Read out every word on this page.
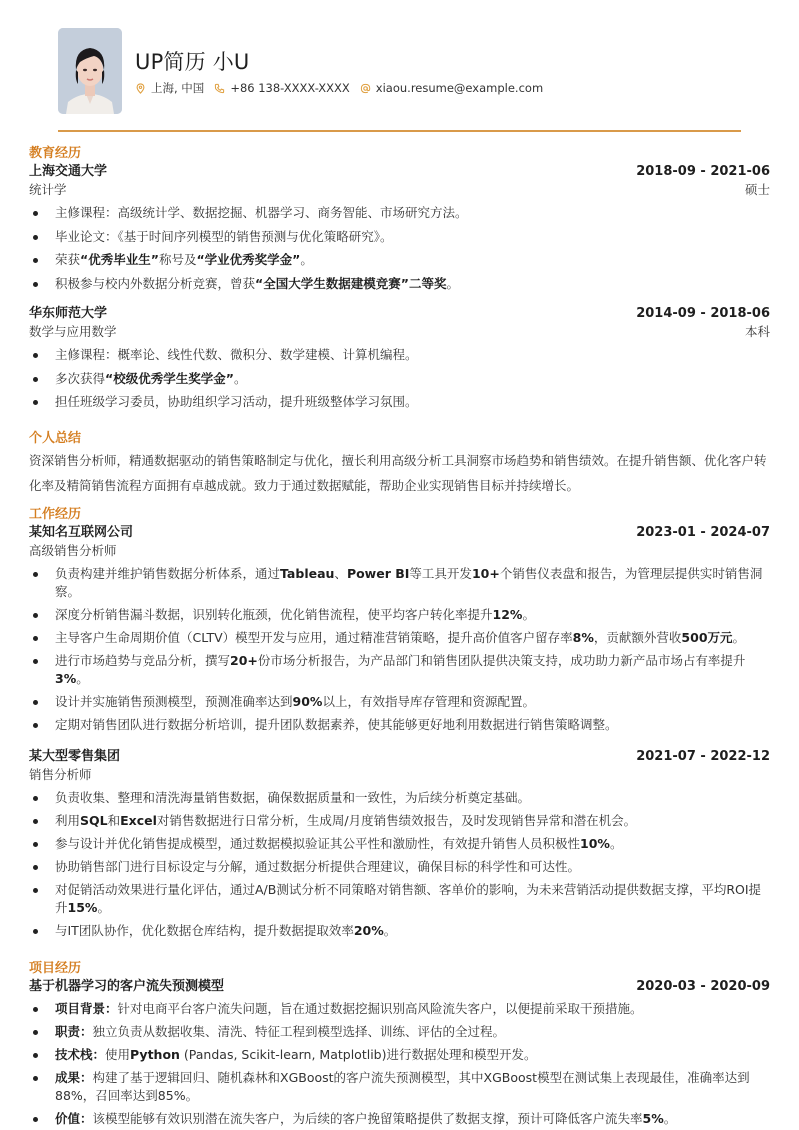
UP简历 小U
上海, 中国 +86 138-XXXX-XXXX xiaou.resume@example.com
教育经历
上海交通大学	2018-09 - 2021-06
统计学	硕士
主修课程：高级统计学、数据挖掘、机器学习、商务智能、市场研究方法。
毕业论文：《基于时间序列模型的销售预测与优化策略研究》。
荣获“优秀毕业生”称号及“学业优秀奖学金”。
积极参与校内外数据分析竞赛，曾获“全国大学生数据建模竞赛”二等奖。
华东师范大学	2014-09 - 2018-06
数学与应用数学	本科
主修课程：概率论、线性代数、微积分、数学建模、计算机编程。
多次获得“校级优秀学生奖学金”。
担任班级学习委员，协助组织学习活动，提升班级整体学习氛围。
个人总结
资深销售分析师，精通数据驱动的销售策略制定与优化，擅长利用高级分析工具洞察市场趋势和销售绩效。在提升销售额、优化客户转化率及精简销售流程方面拥有卓越成就。致力于通过数据赋能，帮助企业实现销售目标并持续增长。
工作经历
某知名互联网公司	2023-01 - 2024-07
高级销售分析师
负责构建并维护销售数据分析体系，通过Tableau、Power BI等工具开发10+个销售仪表盘和报告，为管理层提供实时销售洞察。
深度分析销售漏斗数据，识别转化瓶颈，优化销售流程，使平均客户转化率提升12%。
主导客户生命周期价值（CLTV）模型开发与应用，通过精准营销策略，提升高价值客户留存率8%，贡献额外营收500万元。
进行市场趋势与竞品分析，撰写20+份市场分析报告，为产品部门和销售团队提供决策支持，成功助力新产品市场占有率提升3%。
设计并实施销售预测模型，预测准确率达到90%以上，有效指导库存管理和资源配置。
定期对销售团队进行数据分析培训，提升团队数据素养，使其能够更好地利用数据进行销售策略调整。
某大型零售集团	2021-07 - 2022-12
销售分析师
负责收集、整理和清洗海量销售数据，确保数据质量和一致性，为后续分析奠定基础。
利用SQL和Excel对销售数据进行日常分析，生成周/月度销售绩效报告，及时发现销售异常和潜在机会。
参与设计并优化销售提成模型，通过数据模拟验证其公平性和激励性，有效提升销售人员积极性10%。
协助销售部门进行目标设定与分解，通过数据分析提供合理建议，确保目标的科学性和可达性。
对促销活动效果进行量化评估，通过A/B测试分析不同策略对销售额、客单价的影响，为未来营销活动提供数据支撑，平均ROI提升15%。
与IT团队协作，优化数据仓库结构，提升数据提取效率20%。
项目经历
基于机器学习的客户流失预测模型	2020-03 - 2020-09
项目背景：针对电商平台客户流失问题，旨在通过数据挖掘识别高风险流失客户，以便提前采取干预措施。
职责：独立负责从数据收集、清洗、特征工程到模型选择、训练、评估的全过程。
技术栈：使用Python (Pandas, Scikit-learn, Matplotlib)进行数据处理和模型开发。
成果：构建了基于逻辑回归、随机森林和XGBoost的客户流失预测模型，其中XGBoost模型在测试集上表现最佳，准确率达到88%，召回率达到85%。
价值：该模型能够有效识别潜在流失客户，为后续的客户挽留策略提供了数据支撑，预计可降低客户流失率5%。
